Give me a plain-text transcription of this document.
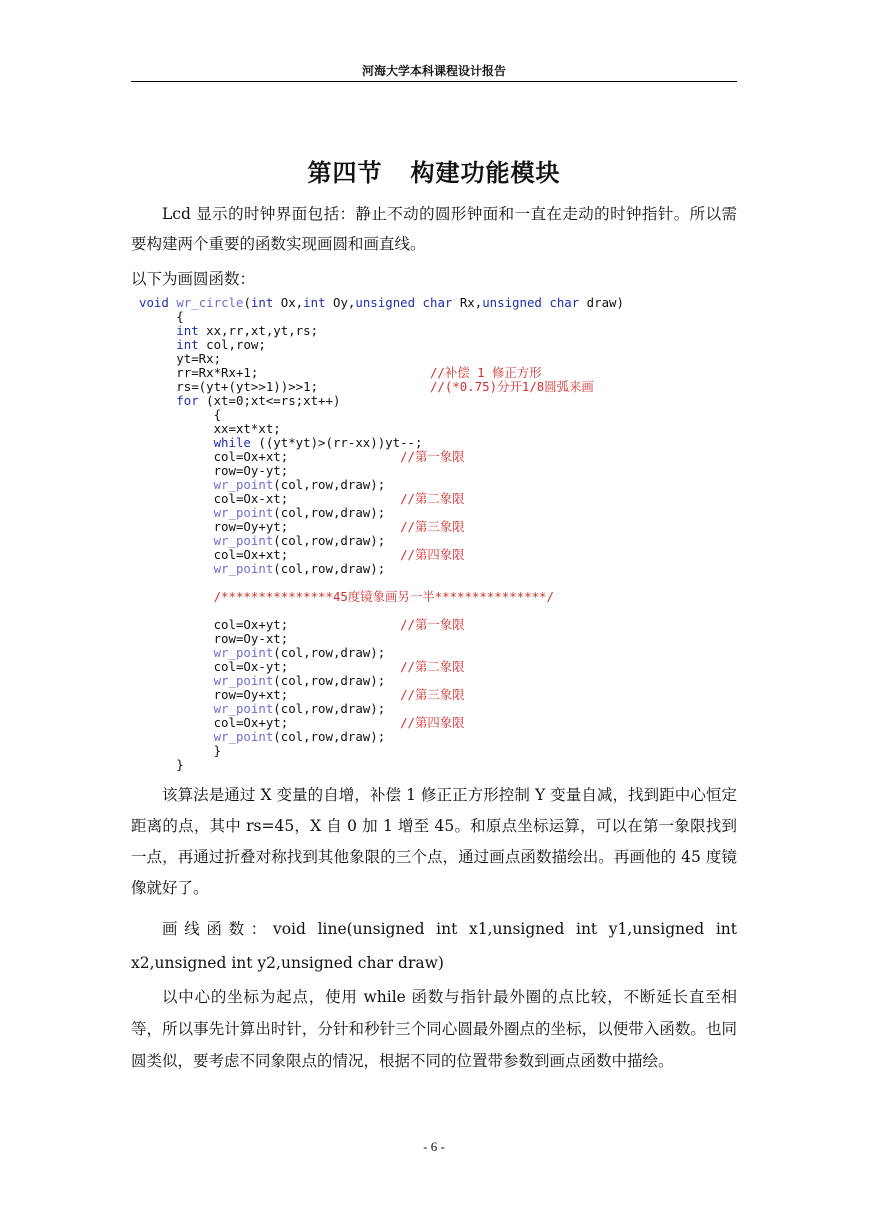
河海大学本科课程设计报告
第四节 构建功能模块

Lcd 显示的时钟界面包括：静止不动的圆形钟面和一直在走动的时钟指针。所以需要构建两个重要的函数实现画圆和画直线。

以下为画圆函数：

void wr_circle(int Ox,int Oy,unsigned char Rx,unsigned char draw)
{
int xx,rr,xt,yt,rs;
int col,row;
yt=Rx;
rr=Rx*Rx+1;                       //补偿 1 修正方形
rs=(yt+(yt>>1))>>1;               //(*0.75)分开1/8圆弧来画
for (xt=0;xt<=rs;xt++)
{
xx=xt*xt;
while ((yt*yt)>(rr-xx))yt--;
col=Ox+xt;               //第一象限
row=Oy-yt;
wr_point(col,row,draw);
col=Ox-xt;               //第二象限
wr_point(col,row,draw);
row=Oy+yt;               //第三象限
wr_point(col,row,draw);
col=Ox+xt;               //第四象限
wr_point(col,row,draw);
/***************45度镜象画另一半***************/
col=Ox+yt;               //第一象限
row=Oy-xt;
wr_point(col,row,draw);
col=Ox-yt;               //第二象限
wr_point(col,row,draw);
row=Oy+xt;               //第三象限
wr_point(col,row,draw);
col=Ox+yt;               //第四象限
wr_point(col,row,draw);
}
}

该算法是通过 X 变量的自增，补偿 1 修正正方形控制 Y 变量自减，找到距中心恒定距离的点，其中 rs=45，X 自 0 加 1 增至 45。和原点坐标运算，可以在第一象限找到一点，再通过折叠对称找到其他象限的三个点，通过画点函数描绘出。再画他的 45 度镜像就好了。

画线函数：void line(unsigned int x1,unsigned int y1,unsigned int x2,unsigned int y2,unsigned char draw)

以中心的坐标为起点，使用 while 函数与指针最外圈的点比较，不断延长直至相等，所以事先计算出时针，分针和秒针三个同心圆最外圈点的坐标，以便带入函数。也同圆类似，要考虑不同象限点的情况，根据不同的位置带参数到画点函数中描绘。

- 6 -
